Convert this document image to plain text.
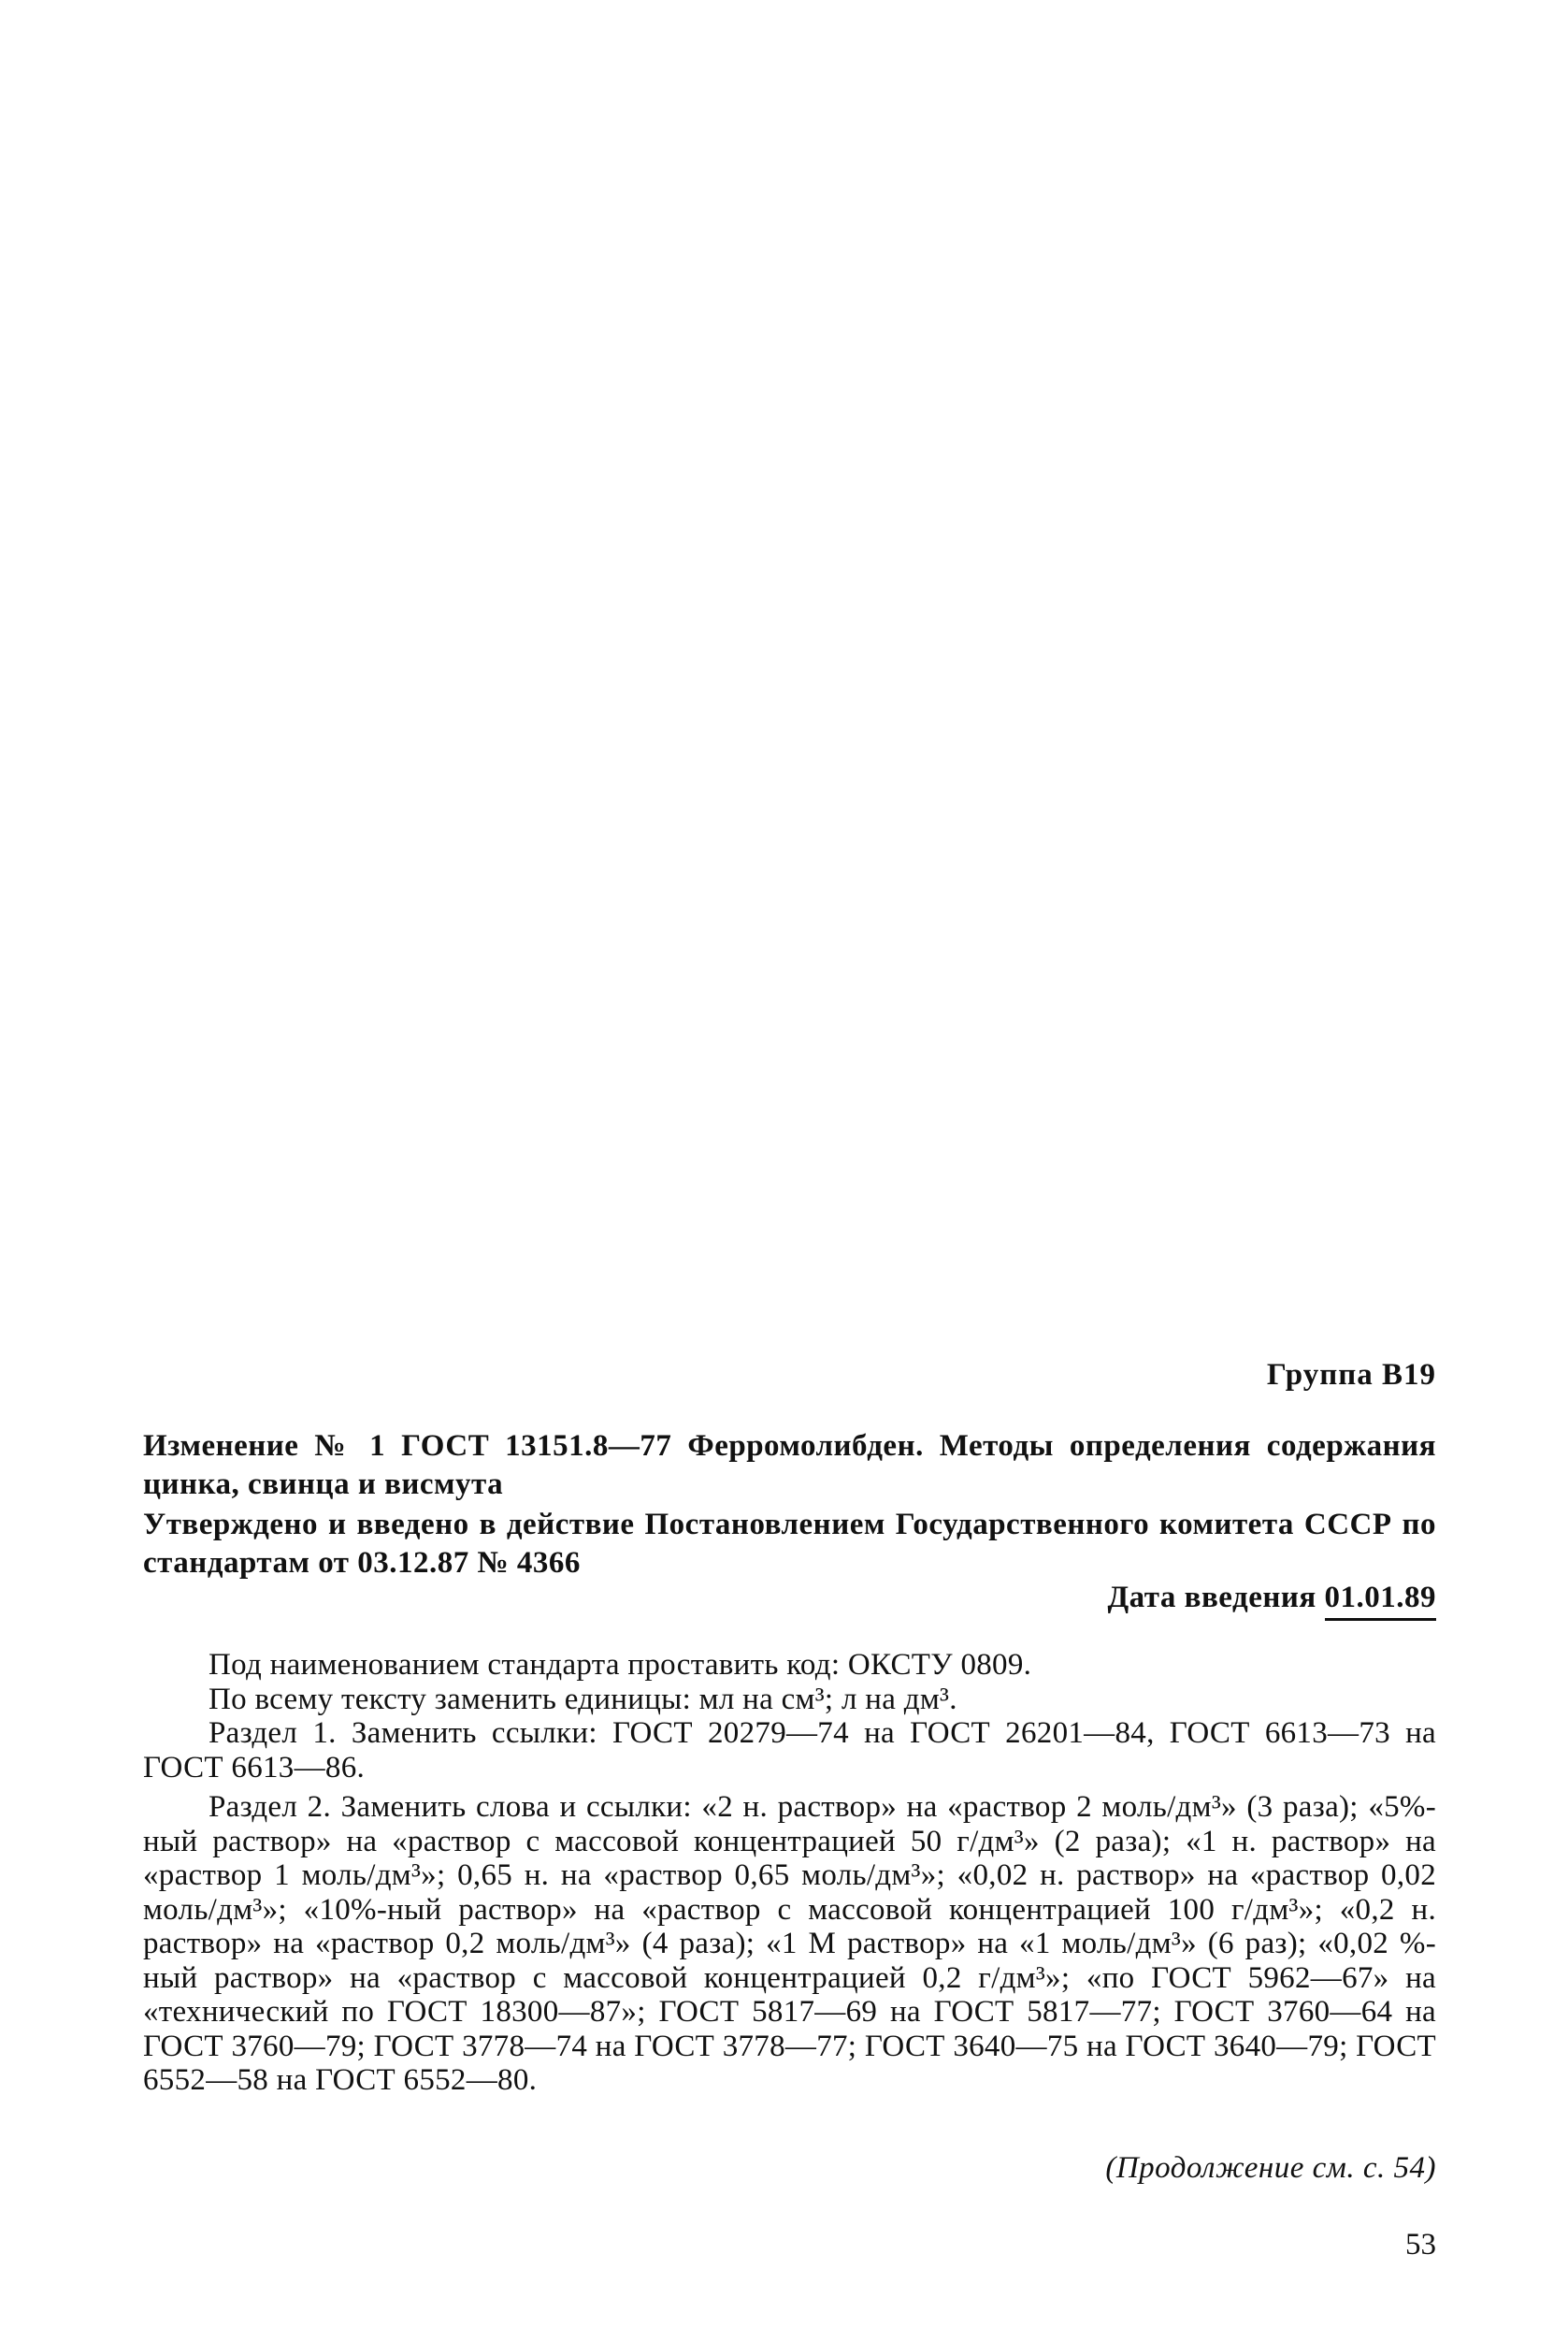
Группа В19
Изменение № 1 ГОСТ 13151.8—77 Ферромолибден. Методы определения содержания цинка, свинца и висмута
Утверждено и введено в действие Постановлением Государственного комитета СССР по стандартам от 03.12.87 № 4366
Дата введения 01.01.89

Под наименованием стандарта проставить код: ОКСТУ 0809.

По всему тексту заменить единицы: мл на см³; л на дм³.

Раздел 1. Заменить ссылки: ГОСТ 20279—74 на ГОСТ 26201—84, ГОСТ 6613—73 на ГОСТ 6613—86.

Раздел 2. Заменить слова и ссылки: «2 н. раствор» на «раствор 2 моль/дм³» (3 раза); «5%-ный раствор» на «раствор с массовой концентрацией 50 г/дм³» (2 раза); «1 н. раствор» на «раствор 1 моль/дм³»; 0,65 н. на «раствор 0,65 моль/дм³»; «0,02 н. раствор» на «раствор 0,02 моль/дм³»; «10%-ный раствор» на «раствор с массовой концентрацией 100 г/дм³»; «0,2 н. раствор» на «раствор 0,2 моль/дм³» (4 раза); «1 М раствор» на «1 моль/дм³» (6 раз); «0,02 %-ный раствор» на «раствор с массовой концентрацией 0,2 г/дм³»; «по ГОСТ 5962—67» на «технический по ГОСТ 18300—87»; ГОСТ 5817—69 на ГОСТ 5817—77; ГОСТ 3760—64 на ГОСТ 3760—79; ГОСТ 3778—74 на ГОСТ 3778—77; ГОСТ 3640—75 на ГОСТ 3640—79; ГОСТ 6552—58 на ГОСТ 6552—80.

(Продолжение см. с. 54)
53
